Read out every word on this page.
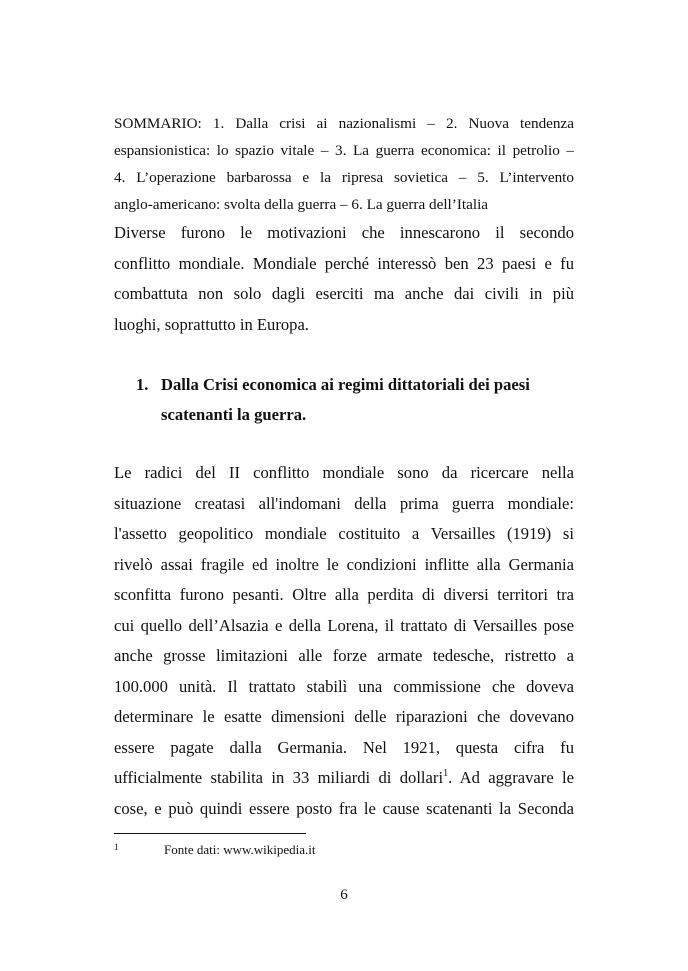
SOMMARIO: 1. Dalla crisi ai nazionalismi – 2. Nuova tendenza
espansionistica: lo spazio vitale – 3. La guerra economica: il petrolio –
4. L’operazione barbarossa e la ripresa sovietica – 5. L’intervento
anglo-americano: svolta della guerra – 6. La guerra dell’Italia
Diverse furono le motivazioni che innescarono il secondo
conflitto mondiale. Mondiale perché interessò ben 23 paesi e fu
combattuta non solo dagli eserciti ma anche dai civili in più
luoghi, soprattutto in Europa.
1. Dalla Crisi economica ai regimi dittatoriali dei paesi
scatenanti la guerra.
Le radici del II conflitto mondiale sono da ricercare nella
situazione creatasi all'indomani della prima guerra mondiale:
l'assetto geopolitico mondiale costituito a Versailles (1919) si
rivelò assai fragile ed inoltre le condizioni inflitte alla Germania
sconfitta furono pesanti. Oltre alla perdita di diversi territori tra
cui quello dell’Alsazia e della Lorena, il trattato di Versailles pose
anche grosse limitazioni alle forze armate tedesche, ristretto a
100.000 unità. Il trattato stabilì una commissione che doveva
determinare le esatte dimensioni delle riparazioni che dovevano
essere pagate dalla Germania. Nel 1921, questa cifra fu
ufficialmente stabilita in 33 miliardi di dollari$^1$. Ad aggravare le
cose, e può quindi essere posto fra le cause scatenanti la Seconda
1	Fonte dati: www.wikipedia.it
6
